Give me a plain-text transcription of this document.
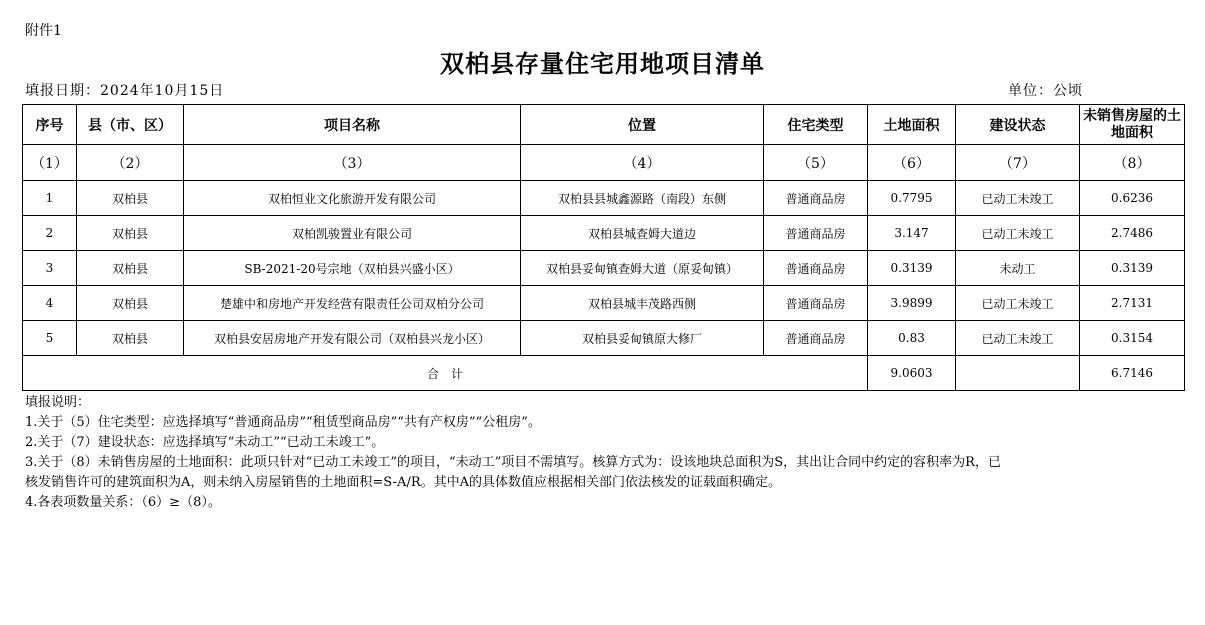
附件1
双柏县存量住宅用地项目清单
填报日期：2024年10月15日	单位：公顷
序号	县（市、区）	项目名称	位置	住宅类型	土地面积	建设状态	未销售房屋的土地面积
（1）	（2）	（3）	（4）	（5）	（6）	（7）	（8）
1	双柏县	双柏恒业文化旅游开发有限公司	双柏县县城鑫源路（南段）东侧	普通商品房	0.7795	已动工未竣工	0.6236
2	双柏县	双柏凯骏置业有限公司	双柏县城查姆大道边	普通商品房	3.147	已动工未竣工	2.7486
3	双柏县	SB-2021-20号宗地（双柏县兴盛小区）	双柏县妥甸镇查姆大道（原妥甸镇）	普通商品房	0.3139	未动工	0.3139
4	双柏县	楚雄中和房地产开发经营有限责任公司双柏分公司	双柏县城丰茂路西侧	普通商品房	3.9899	已动工未竣工	2.7131
5	双柏县	双柏县安居房地产开发有限公司（双柏县兴龙小区）	双柏县妥甸镇原大修厂	普通商品房	0.83	已动工未竣工	0.3154
合　计					9.0603		6.7146
填报说明：
1.关于（5）住宅类型：应选择填写“普通商品房”“租赁型商品房”“共有产权房”“公租房”。
2.关于（7）建设状态：应选择填写“未动工”“已动工未竣工”。
3.关于（8）未销售房屋的土地面积：此项只针对“已动工未竣工”的项目，“未动工”项目不需填写。核算方式为：设该地块总面积为S，其出让合同中约定的容积率为R，已
核发销售许可的建筑面积为A，则未纳入房屋销售的土地面积=S-A/R。其中A的具体数值应根据相关部门依法核发的证载面积确定。
4.各表项数量关系：（6）≥（8）。
